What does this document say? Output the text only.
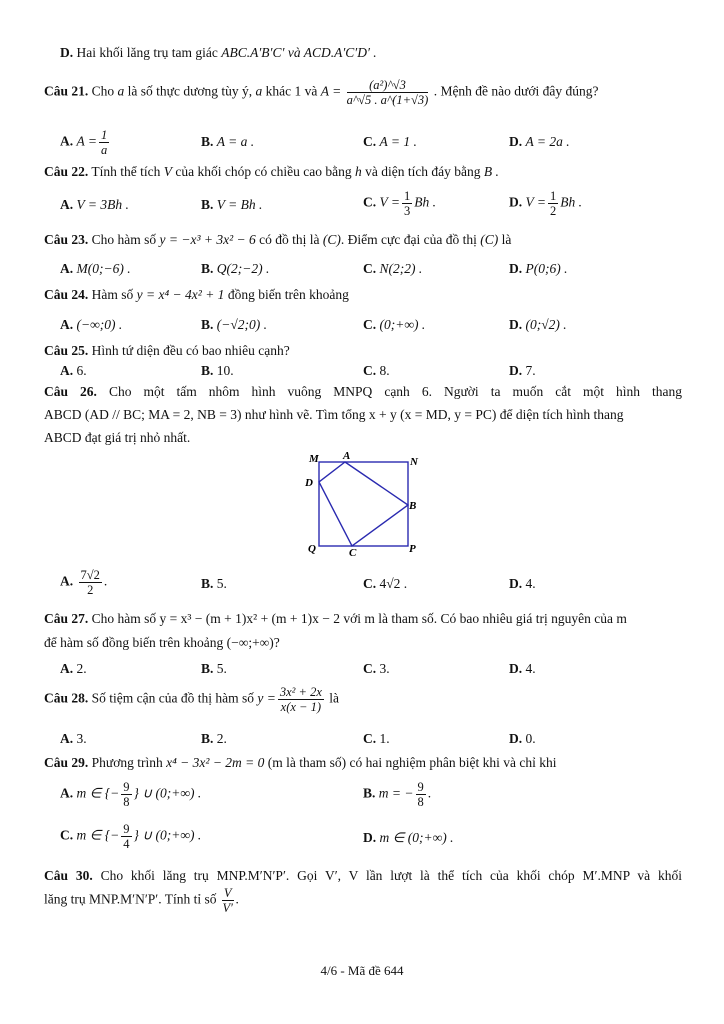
D. Hai khối lăng trụ tam giác ABC.A′B′C′ và ACD.A′C′D′ .
Câu 21. Cho a là số thực dương tùy ý, a khác 1 và $A = \frac{\text{(a²)\textasciicircum{}√3}}{a\^{}√5 . a\^{}(1+√3)}$ . Mệnh đề nào dưới đây đúng?
A. $A = \frac{1}{a}$	B. A = a .	C. A = 1 .	D. A = 2a .
Câu 22. Tính thể tích V của khối chóp có chiều cao bằng h và diện tích đáy bằng B .
A. V = 3Bh .	B. V = Bh .	C. $V = \frac{1}{3}$ Bh .	D. $V = \frac{1}{2}$ Bh .
Câu 23. Cho hàm số y = −x³ + 3x² − 6 có đồ thị là (C). Điểm cực đại của đồ thị (C) là
A. M(0;−6) .	B. Q(2;−2) .	C. N(2;2) .	D. P(0;6) .
Câu 24. Hàm số y = x⁴ − 4x² + 1 đồng biến trên khoảng
A. (−∞;0) .	B. (−√2;0) .	C. (0;+∞) .	D. (0;√2) .
Câu 25. Hình tứ diện đều có bao nhiêu cạnh?
A. 6.	B. 10.	C. 8.	D. 7.
Câu 26. Cho một tấm nhôm hình vuông MNPQ cạnh 6. Người ta muốn cắt một hình thang
ABCD (AD // BC; MA = 2, NB = 3) như hình vẽ. Tìm tổng x + y (x = MD, y = PC) để diện tích hình thang
ABCD đạt giá trị nhỏ nhất.
M A	N
D
B
Q	C	P
A. $\frac{7√2}{2}$ .	B. 5.	C. 4√2 .	D. 4.
Câu 27. Cho hàm số y = x³ − (m + 1)x² + (m + 1)x − 2 với m là tham số. Có bao nhiêu giá trị nguyên của m
để hàm số đồng biến trên khoảng (−∞;+∞)?
A. 2.	B. 5.	C. 3.	D. 4.
Câu 28. Số tiệm cận của đồ thị hàm số $y = \frac{\text{3x² + 2x}}{x(x - 1)}$ là
A. 3.	B. 2.	C. 1.	D. 0.
Câu 29. Phương trình x⁴ − 3x² − 2m = 0 (m là tham số) có hai nghiệm phân biệt khi và chỉ khi
A. m ∈ {− $\frac{9}{8}$ } ∪ (0;+∞) .	B. m = − $\frac{9}{8}$ .
C. m ∈ {− $\frac{9}{4}$ } ∪ (0;+∞) .	D. m ∈ (0;+∞) .
Câu 30. Cho khối lăng trụ MNP.M′N′P′. Gọi V′, V lần lượt là thể tích của khối chóp M′.MNP và khối
lăng trụ MNP.M′N′P′. Tính tỉ số $\frac{V}{V'}$ .
4/6 - Mã đề 644
